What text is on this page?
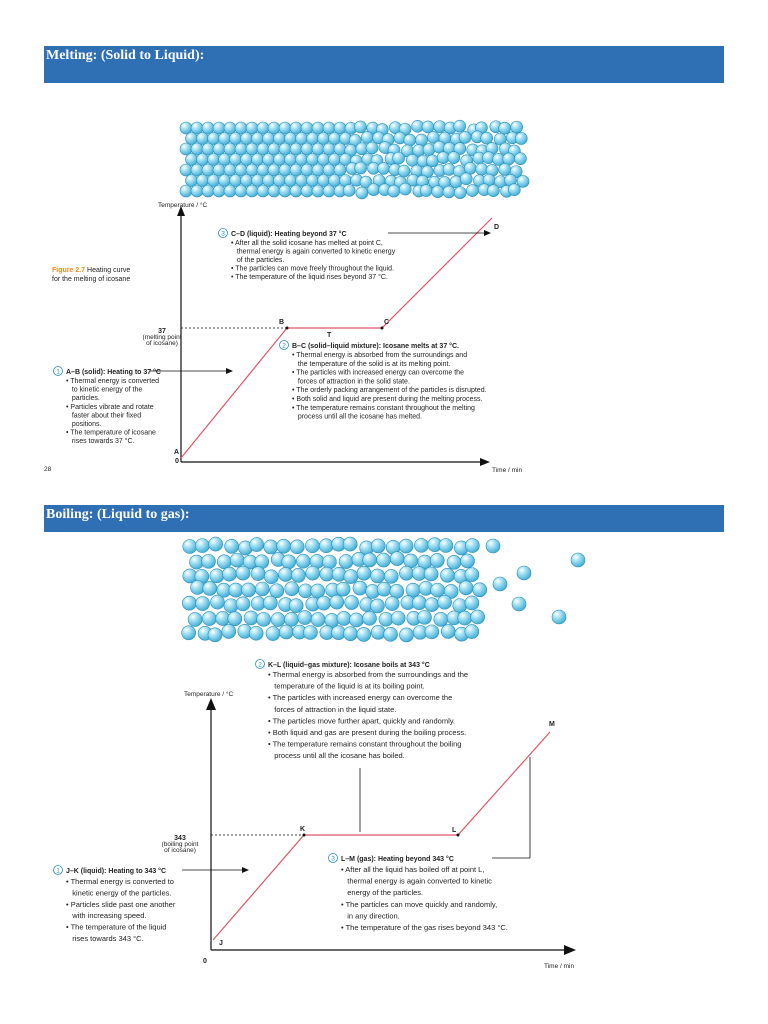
Melting: (Solid to Liquid):
Temperature / °C
Time / min
0
37
(melting point
of icosane)
A
B
T
C
D
28
Figure 2.7 Heating curve
for the melting of icosane
3 C–D (liquid): Heating beyond 37 °C
• After all the solid icosane has melted at point C,
thermal energy is again converted to kinetic energy
of the particles.
• The particles can move freely throughout the liquid.
• The temperature of the liquid rises beyond 37 °C.
2 B–C (solid–liquid mixture): Icosane melts at 37 °C.
• Thermal energy is absorbed from the surroundings and
the temperature of the solid is at its melting point.
• The particles with increased energy can overcome the
forces of attraction in the solid state.
• The orderly packing arrangement of the particles is disrupted.
• Both solid and liquid are present during the melting process.
• The temperature remains constant throughout the melting
process until all the icosane has melted.
1 A–B (solid): Heating to 37 °C
• Thermal energy is converted
to kinetic energy of the
particles.
• Particles vibrate and rotate
faster about their fixed
positions.
• The temperature of icosane
rises towards 37 °C.
Boiling: (Liquid to gas):
Temperature / °C
Time / min
0
343
(boiling point
of icosane)
J
K	L
M
2 K–L (liquid–gas mixture): Icosane boils at 343 °C
• Thermal energy is absorbed from the surroundings and the
temperature of the liquid is at its boiling point.
• The particles with increased energy can overcome the
forces of attraction in the liquid state.
• The particles move further apart, quickly and randomly.
• Both liquid and gas are present during the boiling process.
• The temperature remains constant throughout the boiling
process until all the icosane has boiled.
3 L–M (gas): Heating beyond 343 °C
• After all the liquid has boiled off at point L,
thermal energy is again converted to kinetic
energy of the particles.
• The particles can move quickly and randomly,
in any direction.
• The temperature of the gas rises beyond 343 °C.
1 J–K (liquid): Heating to 343 °C
• Thermal energy is converted to
kinetic energy of the particles.
• Particles slide past one another
with increasing speed.
• The temperature of the liquid
rises towards 343 °C.
